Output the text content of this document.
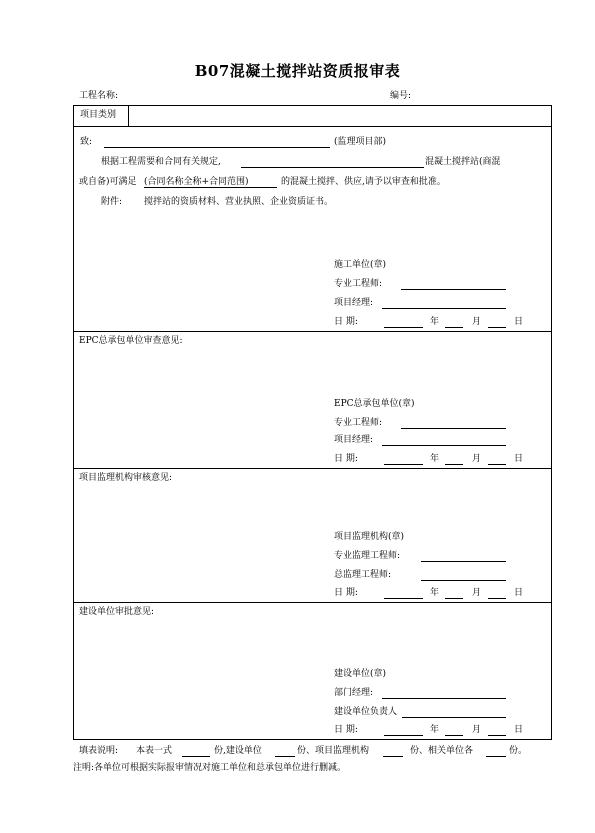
B07混凝土搅拌站资质报审表
工程名称:	编号:
项目类别
致:	(监理项目部)
根据工程需要和合同有关规定,	混凝土搅拌站(商混
或自备)可满足 (合同名称全称+合同范围)	的混凝土搅拌、供应,请予以审查和批准。
附件: 搅拌站的资质材料、营业执照、企业资质证书。
施工单位(章)
专业工程师:
项目经理:
日 期:	年	月	日
EPC总承包单位审查意见:
EPC总承包单位(章)
专业工程师:
项目经理:
日 期:	年	月	日
项目监理机构审核意见:
项目监理机构(章)
专业监理工程师:
总监理工程师:
日 期:	年	月	日
建设单位审批意见:
建设单位(章)
部门经理:
建设单位负责人
日 期:	年	月	日
填表说明: 本表一式	份,建设单位	份、项目监理机构	份、相关单位各	份。
注明:各单位可根据实际报审情况对施工单位和总承包单位进行删减。
